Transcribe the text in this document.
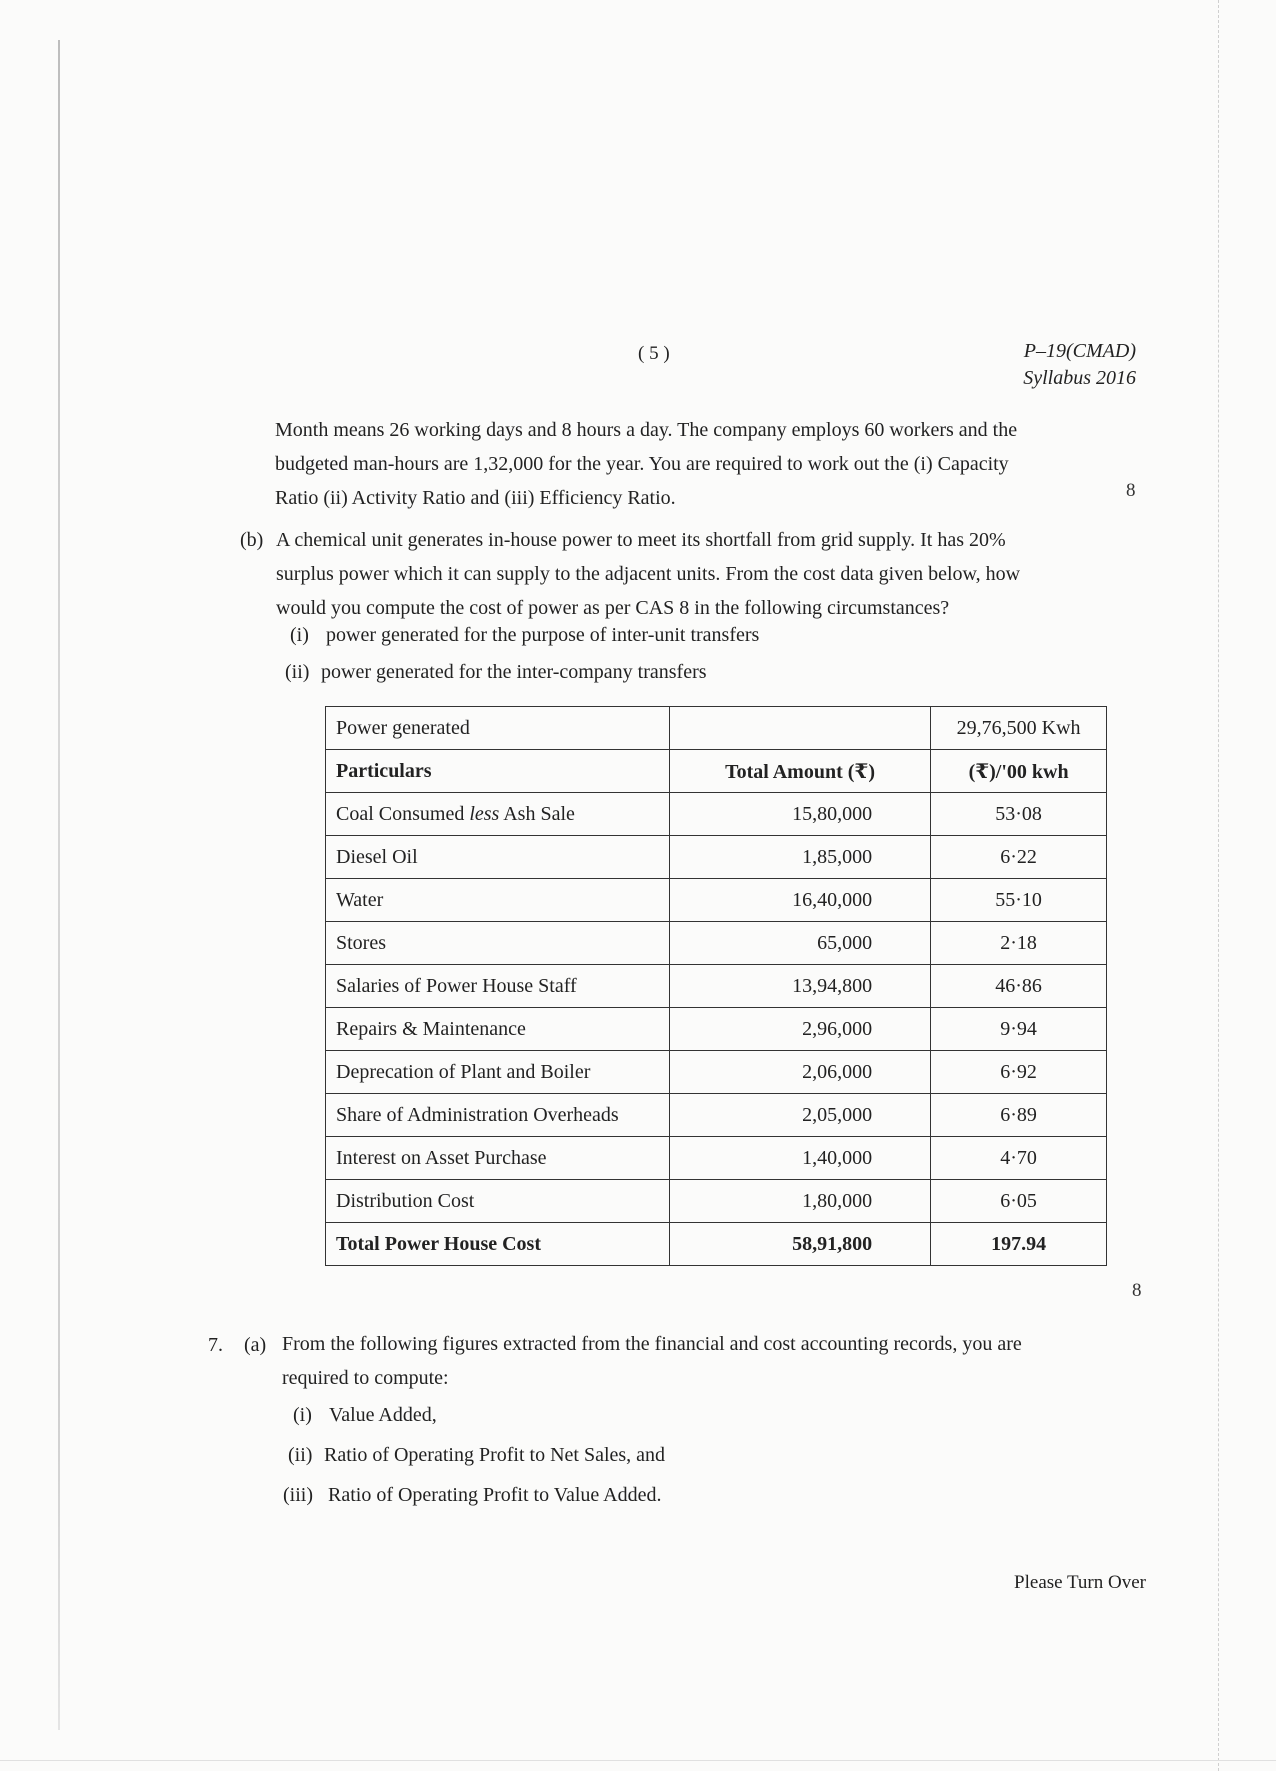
( 5 )	P–19(CMAD)
Syllabus 2016
Month means 26 working days and 8 hours a day. The company employs 60 workers and the
budgeted man-hours are 1,32,000 for the year. You are required to work out the (i) Capacity
Ratio (ii) Activity Ratio and (iii) Efficiency Ratio.	8
(b) A chemical unit generates in-house power to meet its shortfall from grid supply. It has 20%
surplus power which it can supply to the adjacent units. From the cost data given below, how
would you compute the cost of power as per CAS 8 in the following circumstances?
(i) power generated for the purpose of inter-unit transfers
(ii) power generated for the inter-company transfers
Power generated		29,76,500 Kwh
Particulars	Total Amount (₹)	(₹)/'00 kwh
Coal Consumed less Ash Sale	15,80,000	53·08
Diesel Oil	1,85,000	6·22
Water	16,40,000	55·10
Stores	65,000	2·18
Salaries of Power House Staff	13,94,800	46·86
Repairs & Maintenance	2,96,000	9·94
Deprecation of Plant and Boiler	2,06,000	6·92
Share of Administration Overheads	2,05,000	6·89
Interest on Asset Purchase	1,40,000	4·70
Distribution Cost	1,80,000	6·05
Total Power House Cost	58,91,800	197.94
8
7. (a) From the following figures extracted from the financial and cost accounting records, you are
required to compute:
(i) Value Added,
(ii) Ratio of Operating Profit to Net Sales, and
(iii) Ratio of Operating Profit to Value Added.
Please Turn Over
